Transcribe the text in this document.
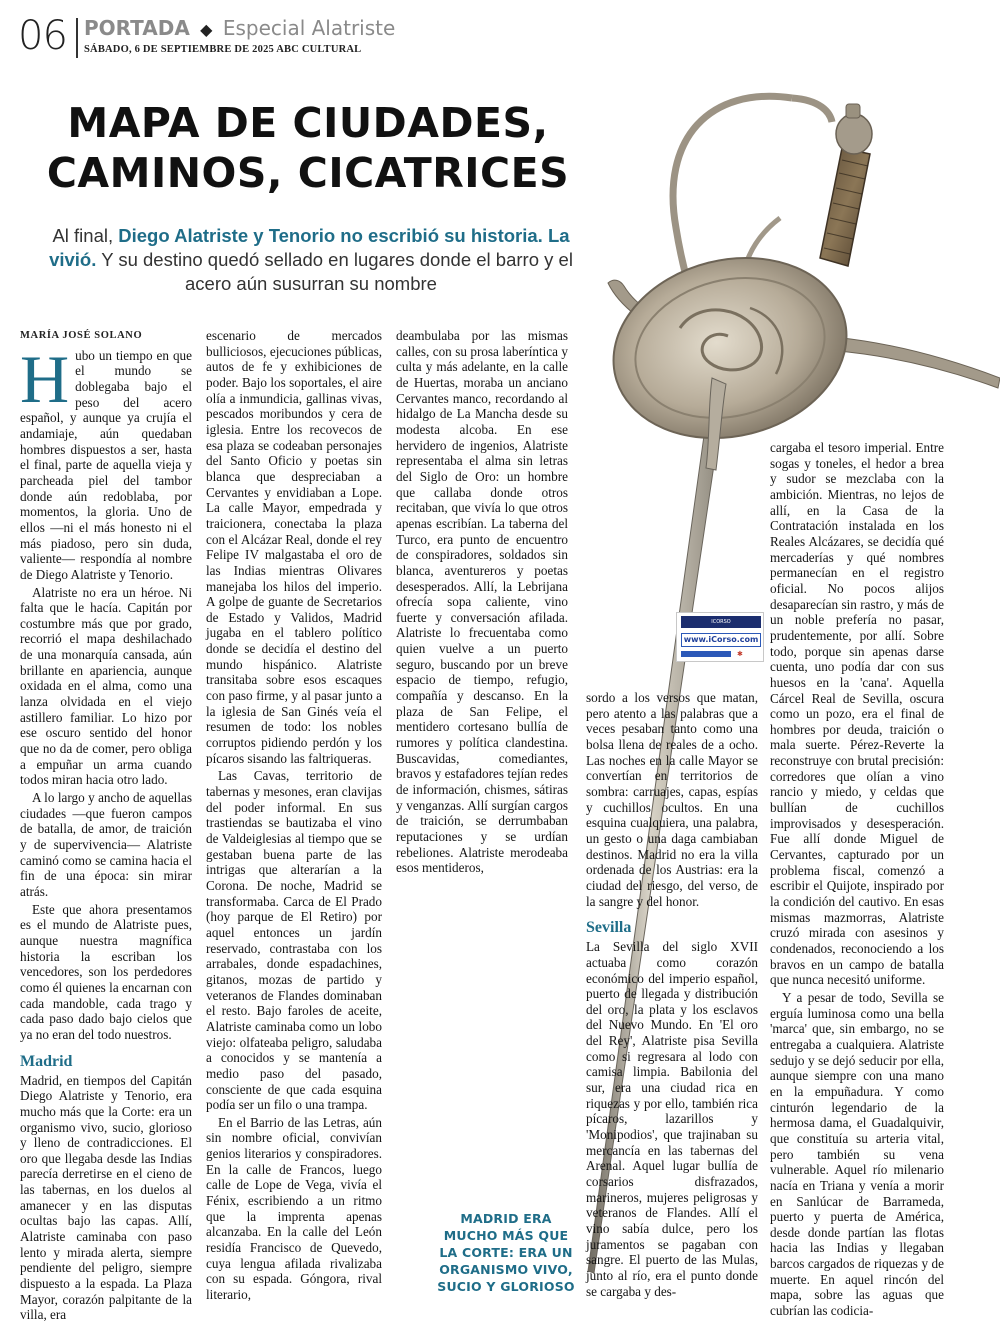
06 PORTADA ◆ Especial Alatriste
SÁBADO, 6 DE SEPTIEMBRE DE 2025 ABC CULTURAL
MAPA DE CIUDADES,
CAMINOS, CICATRICES
Al final, Diego Alatriste y Tenorio no escribió su historia. La vivió. Y su destino quedó sellado en lugares donde el barro y el acero aún susurran su nombre
MARÍA JOSÉ SOLANO

H ubo un tiempo en que el mundo se doblegaba bajo el peso del acero español, y aunque ya crujía el andamiaje, aún quedaban hombres dispuestos a ser, hasta el final, parte de aquella vieja y parcheada piel del tambor donde aún redoblaba, por momentos, la gloria. Uno de ellos —ni el más honesto ni el más piadoso, pero sin duda, valiente— respondía al nombre de Diego Alatriste y Tenorio.

Alatriste no era un héroe. Ni falta que le hacía. Capitán por costumbre más que por grado, recorrió el mapa deshilachado de una monarquía cansada, aún brillante en apariencia, aunque oxidada en el alma, como una lanza olvidada en el viejo astillero familiar. Lo hizo por ese oscuro sentido del honor que no da de comer, pero obliga a empuñar un arma cuando todos miran hacia otro lado.

A lo largo y ancho de aquellas ciudades —que fueron campos de batalla, de amor, de traición y de supervivencia— Alatriste caminó como se camina hacia el fin de una época: sin mirar atrás.

Este que ahora presentamos es el mundo de Alatriste pues, aunque nuestra magnífica historia la escriban los vencedores, son los perdedores como él quienes la encarnan con cada mandoble, cada trago y cada paso dado bajo cielos que ya no eran del todo nuestros.

Madrid

Madrid, en tiempos del Capitán Diego Alatriste y Tenorio, era mucho más que la Corte: era un organismo vivo, sucio, glorioso y lleno de contradicciones. El oro que llegaba desde las Indias parecía derretirse en el cieno de las tabernas, en los duelos al amanecer y en las disputas ocultas bajo las capas. Allí, Alatriste caminaba con paso lento y mirada alerta, siempre pendiente del peligro, siempre dispuesto a la espada. La Plaza Mayor, corazón palpitante de la villa, era

escenario de mercados bulliciosos, ejecuciones públicas, autos de fe y exhibiciones de poder. Bajo los soportales, el aire olía a inmundicia, gallinas vivas, pescados moribundos y cera de iglesia. Entre los recovecos de esa plaza se codeaban personajes del Santo Oficio y poetas sin blanca que despreciaban a Cervantes y envidiaban a Lope. La calle Mayor, empedrada y traicionera, conectaba la plaza con el Alcázar Real, donde el rey Felipe IV malgastaba el oro de las Indias mientras Olivares manejaba los hilos del imperio. A golpe de guante de Secretarios de Estado y Validos, Madrid jugaba en el tablero político donde se decidía el destino del mundo hispánico. Alatriste transitaba sobre esos escaques con paso firme, y al pasar junto a la iglesia de San Ginés veía el resumen de todo: los nobles corruptos pidiendo perdón y los pícaros sisando las faltriqueras.

Las Cavas, territorio de tabernas y mesones, eran clavijas del poder informal. En sus trastiendas se bautizaba el vino de Valdeiglesias al tiempo que se gestaban buena parte de las intrigas que alterarían a la Corona. De noche, Madrid se transformaba. Carca de El Prado (hoy parque de El Retiro) por aquel entonces un jardín reservado, contrastaba con los arrabales, donde espadachines, gitanos, mozas de partido y veteranos de Flandes dominaban el resto. Bajo faroles de aceite, Alatriste caminaba como un lobo viejo: olfateaba peligro, saludaba a conocidos y se mantenía a medio paso del pasado, consciente de que cada esquina podía ser un filo o una trampa.

En el Barrio de las Letras, aún sin nombre oficial, convivían genios literarios y conspiradores. En la calle de Francos, luego calle de Lope de Vega, vivía el Fénix, escribiendo a un ritmo que la imprenta apenas alcanzaba. En la calle del León residía Francisco de Quevedo, cuya lengua afilada rivalizaba con su espada. Góngora, rival literario,

deambulaba por las mismas calles, con su prosa laberíntica y culta y más adelante, en la calle de Huertas, moraba un anciano Cervantes manco, recordando al hidalgo de La Mancha desde su modesta alcoba. En ese hervidero de ingenios, Alatriste representaba el alma sin letras del Siglo de Oro: un hombre que callaba donde otros recitaban, que vivía lo que otros apenas escribían. La taberna del Turco, era punto de encuentro de conspiradores, soldados sin blanca, aventureros y poetas desesperados. Allí, la Lebrijana ofrecía sopa caliente, vino fuerte y conversación afilada. Alatriste lo frecuentaba como quien vuelve a un puerto seguro, buscando por un breve espacio de tiempo, refugio, compañía y descanso. En la plaza de San Felipe, el mentidero cortesano bullía de rumores y política clandestina. Buscavidas, comediantes, bravos y estafadores tejían redes de información, chismes, sátiras y venganzas. Allí surgían cargos de traición, se derrumbaban reputaciones y se urdían rebeliones. Alatriste merodeaba esos mentideros,

MADRID ERA MUCHO MÁS QUE LA CORTE: ERA UN ORGANISMO VIVO, SUCIO Y GLORIOSO
ICORSO
www.iCorso.com
✱

sordo a los versos que matan, pero atento a las palabras que a veces pesaban tanto como una bolsa llena de reales de a ocho. Las noches en la calle Mayor se convertían en territorios de sombra: carruajes, capas, espías y cuchillos ocultos. En una esquina cualquiera, una palabra, un gesto o una daga cambiaban destinos. Madrid no era la villa ordenada de los Austrias: era la ciudad del riesgo, del verso, de la sangre y del honor.

Sevilla

La Sevilla del siglo XVII actuaba como corazón económico del imperio español, puerto de llegada y distribución del oro, la plata y los esclavos del Nuevo Mundo. En 'El oro del Rey', Alatriste pisa Sevilla como si regresara al lodo con camisa limpia. Babilonia del sur, era una ciudad rica en riquezas y por ello, también rica pícaros, lazarillos y 'Monipodios', que trajinaban su mercancía en las tabernas del Arenal. Aquel lugar bullía de corsarios disfrazados, marineros, mujeres peligrosas y veteranos de Flandes. Allí el vino sabía dulce, pero los juramentos se pagaban con sangre. El puerto de las Mulas, junto al río, era el punto donde se cargaba y des-

cargaba el tesoro imperial. Entre sogas y toneles, el hedor a brea y sudor se mezclaba con la ambición. Mientras, no lejos de allí, en la Casa de la Contratación instalada en los Reales Alcázares, se decidía qué mercaderías y qué nombres permanecían en el registro oficial. No pocos alijos desaparecían sin rastro, y más de un noble prefería no pasar, prudentemente, por allí. Sobre todo, porque sin apenas darse cuenta, uno podía dar con sus huesos en la 'cana'. Aquella Cárcel Real de Sevilla, oscura como un pozo, era el final de hombres por deuda, traición o mala suerte. Pérez-Reverte la reconstruye con brutal precisión: corredores que olían a vino rancio y miedo, y celdas que bullían de cuchillos improvisados y desesperación. Fue allí donde Miguel de Cervantes, capturado por un problema fiscal, comenzó a escribir el Quijote, inspirado por la condición del cautivo. En esas mismas mazmorras, Alatriste cruzó mirada con asesinos y condenados, reconociendo a los bravos en un campo de batalla que nunca necesitó uniforme.

Y a pesar de todo, Sevilla se erguía luminosa como una bella 'marca' que, sin embargo, no se entregaba a cualquiera. Alatriste sedujo y se dejó seducir por ella, aunque siempre con una mano en la empuñadura. Y como cinturón legendario de la hermosa dama, el Guadalquivir, que constituía su arteria vital, pero también su vena vulnerable. Aquel río milenario nacía en Triana y venía a morir en Sanlúcar de Barrameda, puerto y puerta de América, desde donde partían las flotas hacia las Indias y llegaban barcos cargados de riquezas y de muerte. En aquel rincón del mapa, sobre las aguas que cubrían las codicia-
